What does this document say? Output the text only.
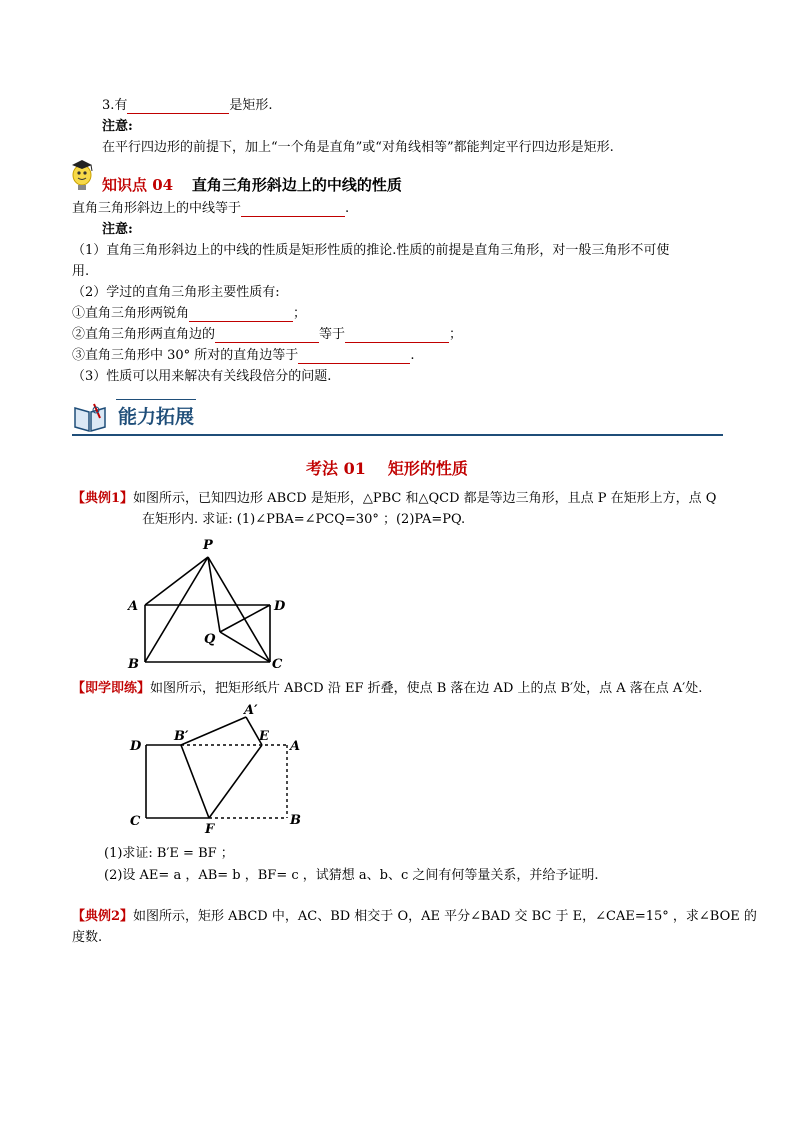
3.有	是矩形.
注意:
在平行四边形的前提下，加上“一个角是直角”或“对角线相等”都能判定平行四边形是矩形.
知识点 04 直角三角形斜边上的中线的性质
直角三角形斜边上的中线等于	.
注意:
（1）直角三角形斜边上的中线的性质是矩形性质的推论.性质的前提是直角三角形，对一般三角形不可使
用.
（2）学过的直角三角形主要性质有:
①直角三角形两锐角	；
②直角三角形两直角边的	等于	；
③直角三角形中 30° 所对的直角边等于	.
（3）性质可以用来解决有关线段倍分的问题.
能力拓展
考法 01 矩形的性质
【典例1】如图所示，已知四边形 ABCD 是矩形，△PBC 和△QCD 都是等边三角形，且点 P 在矩形上方，点 Q
在矩形内. 求证: (1)∠PBA=∠PCQ=30° ；(2)PA=PQ.
P
A	D
Q
B	C
【即学即练】如图所示，把矩形纸片 ABCD 沿 EF 折叠，使点 B 落在边 AD 上的点 B′处，点 A 落在点 A′处.
A′
D
B′	E
A
C
F
B
(1)求证: B′E = BF ；
(2)设 AE= a ，AB= b ，BF= c ，试猜想 a、b、c 之间有何等量关系，并给予证明.
【典例2】如图所示，矩形 ABCD 中，AC、BD 相交于 O，AE 平分∠BAD 交 BC 于 E，∠CAE=15° ，求∠BOE 的
度数.
